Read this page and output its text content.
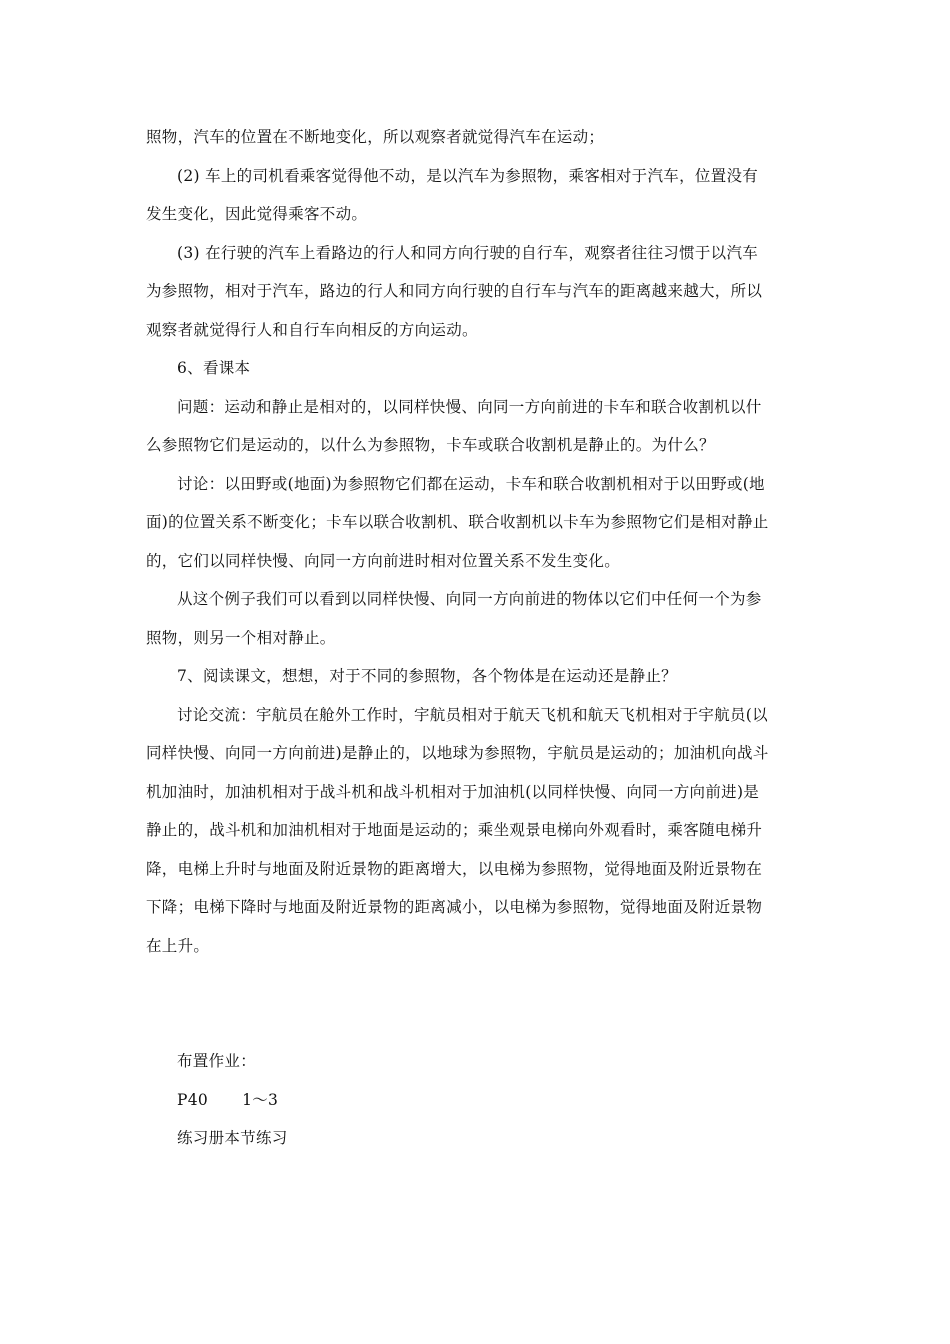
照物，汽车的位置在不断地变化，所以观察者就觉得汽车在运动；
(2) 车上的司机看乘客觉得他不动，是以汽车为参照物，乘客相对于汽车，位置没有
发生变化，因此觉得乘客不动。
(3) 在行驶的汽车上看路边的行人和同方向行驶的自行车，观察者往往习惯于以汽车
为参照物，相对于汽车，路边的行人和同方向行驶的自行车与汽车的距离越来越大，所以
观察者就觉得行人和自行车向相反的方向运动。
6、看课本
问题：运动和静止是相对的，以同样快慢、向同一方向前进的卡车和联合收割机以什
么参照物它们是运动的，以什么为参照物，卡车或联合收割机是静止的。为什么？
讨论：以田野或(地面)为参照物它们都在运动，卡车和联合收割机相对于以田野或(地
面)的位置关系不断变化；卡车以联合收割机、联合收割机以卡车为参照物它们是相对静止
的，它们以同样快慢、向同一方向前进时相对位置关系不发生变化。
从这个例子我们可以看到以同样快慢、向同一方向前进的物体以它们中任何一个为参
照物，则另一个相对静止。
7、阅读课文，想想，对于不同的参照物，各个物体是在运动还是静止？
讨论交流：宇航员在舱外工作时，宇航员相对于航天飞机和航天飞机相对于宇航员(以
同样快慢、向同一方向前进)是静止的，以地球为参照物，宇航员是运动的；加油机向战斗
机加油时，加油机相对于战斗机和战斗机相对于加油机(以同样快慢、向同一方向前进)是
静止的，战斗机和加油机相对于地面是运动的；乘坐观景电梯向外观看时，乘客随电梯升
降，电梯上升时与地面及附近景物的距离增大，以电梯为参照物，觉得地面及附近景物在
下降；电梯下降时与地面及附近景物的距离减小，以电梯为参照物，觉得地面及附近景物
在上升。
布置作业：
P40 1～3
练习册本节练习
